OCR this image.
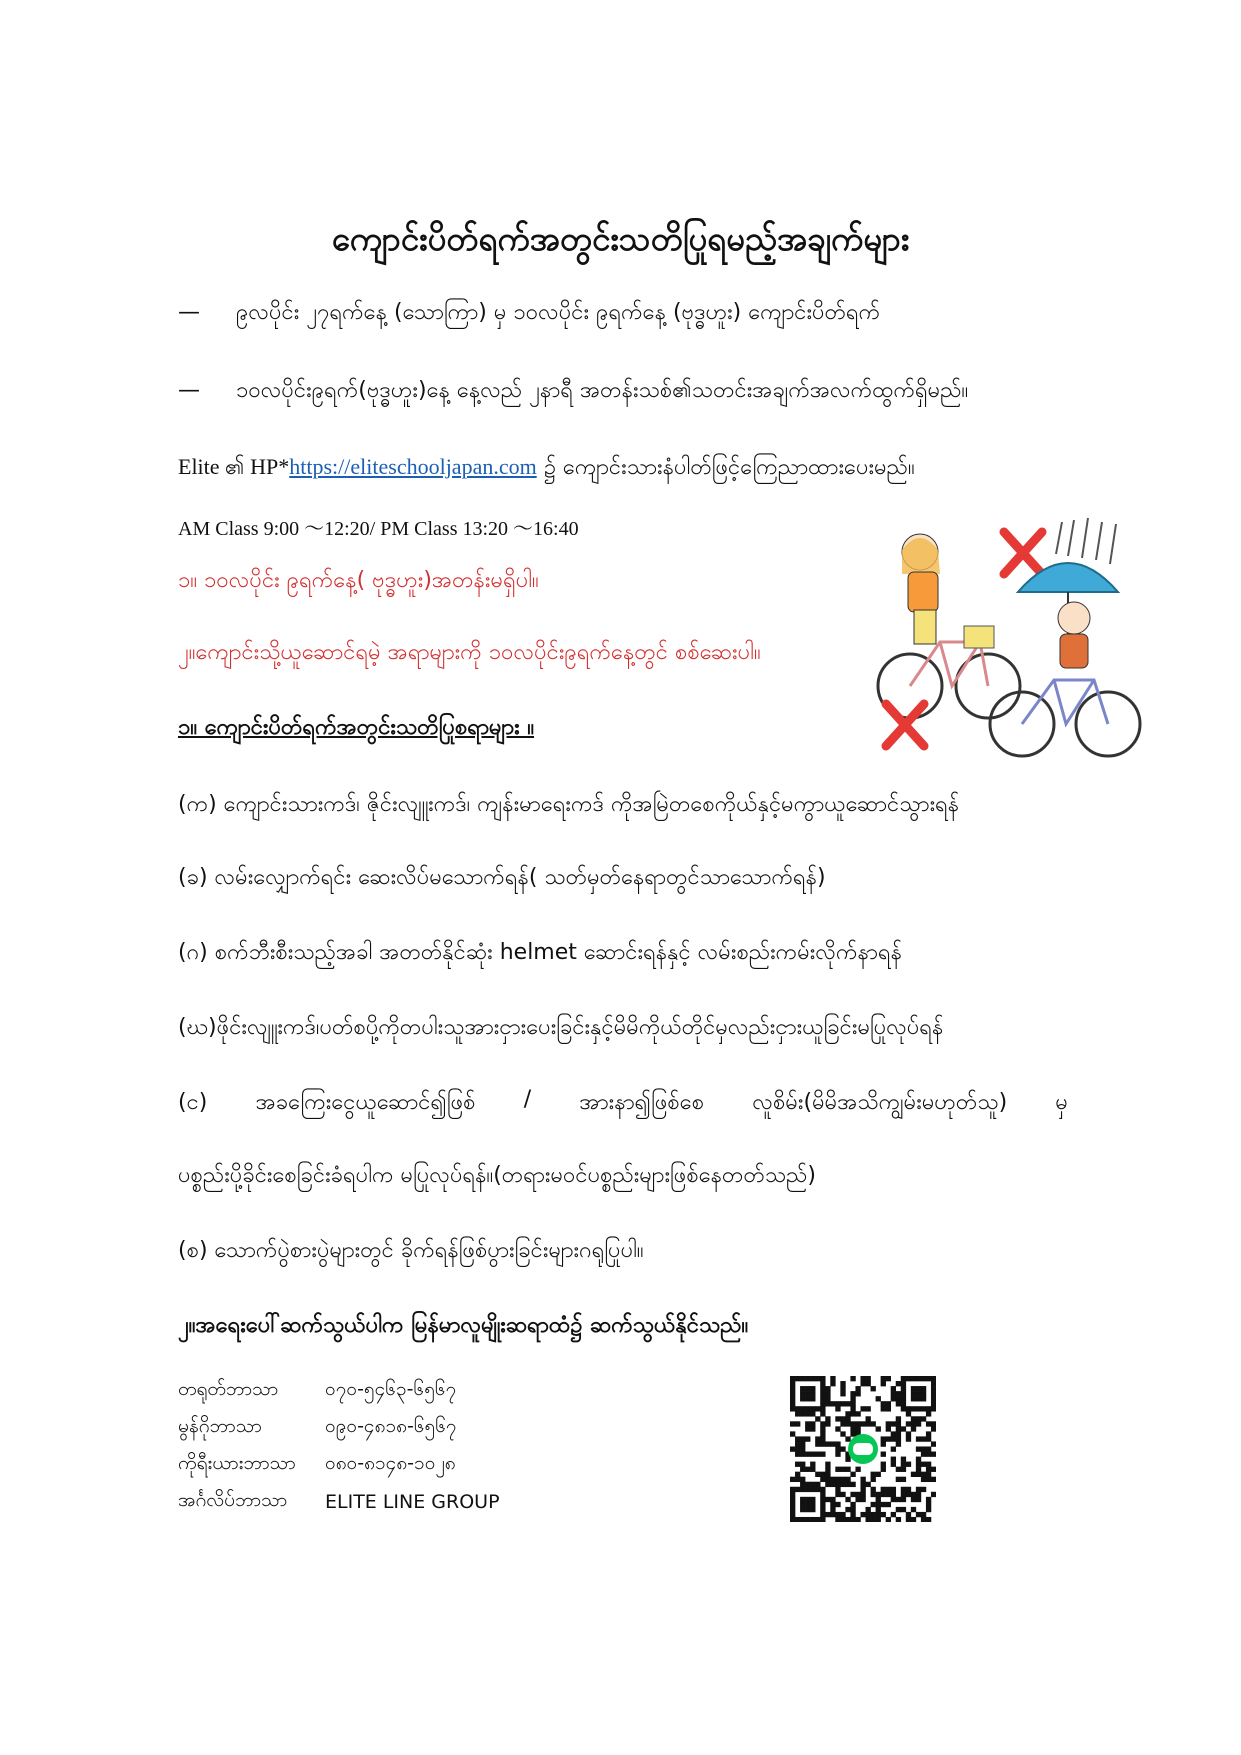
ကျောင်းပိတ်ရက်အတွင်းသတိပြုရမည့်အချက်များ
— ၉လပိုင်း ၂၇ရက်နေ့ (သောကြာ) မှ ၁၀လပိုင်း ၉ရက်နေ့ (ဗုဒ္ဓဟူး) ကျောင်းပိတ်ရက်
— ၁၀လပိုင်း၉ရက်(ဗုဒ္ဓဟူး)နေ့ နေ့လည် ၂နာရီ အတန်းသစ်၏သတင်းအချက်အလက်ထွက်ရှိမည်။
Elite ၏ HP*https://eliteschooljapan.com ၌ ကျောင်းသားနံပါတ်ဖြင့်ကြေညာထားပေးမည်။
AM Class 9:00 ～12:20/ PM Class 13:20 ～16:40
၁။ ၁၀လပိုင်း ၉ရက်နေ့( ဗုဒ္ဓဟူး)အတန်းမရှိပါ။
၂။ကျောင်းသို့ယူဆောင်ရမဲ့ အရာများကို ၁၀လပိုင်း၉ရက်နေ့တွင် စစ်ဆေးပါ။
၁။ ကျောင်းပိတ်ရက်အတွင်းသတိပြုစရာများ ။
(က) ကျောင်းသားကဒ်၊ ဇိုင်းလျူးကဒ်၊ ကျန်းမာရေးကဒ် ကိုအမြဲတစေကိုယ်နှင့်မကွာယူဆောင်သွားရန်
(ခ) လမ်းလျှောက်ရင်း ဆေးလိပ်မသောက်ရန်( သတ်မှတ်နေရာတွင်သာသောက်ရန်)
(ဂ) စက်ဘီးစီးသည့်အခါ အတတ်နိုင်ဆုံး helmet ဆောင်းရန်နှင့် လမ်းစည်းကမ်းလိုက်နာရန်
(ဃ)ဖိုင်းလျူးကဒ်၊ပတ်စပို့ကိုတပါးသူအားငှားပေးခြင်းနှင့်မိမိကိုယ်တိုင်မှလည်းငှားယူခြင်းမပြုလုပ်ရန်
(င) အခကြေးငွေယူဆောင်၍ဖြစ် / အားနာ၍ဖြစ်စေ လူစိမ်း(မိမိအသိကျွမ်းမဟုတ်သူ) မှ
ပစ္စည်းပို့ခိုင်းစေခြင်းခံရပါက မပြုလုပ်ရန်။(တရားမဝင်ပစ္စည်းများဖြစ်နေတတ်သည်)
(စ) သောက်ပွဲစားပွဲများတွင် ခိုက်ရန်ဖြစ်ပွားခြင်းများဂရုပြုပါ။
၂။အရေးပေါ်ဆက်သွယ်ပါက မြန်မာလူမျိုးဆရာထံ၌ ဆက်သွယ်နိုင်သည်။
တရုတ်ဘာသာ	၀၇၀-၅၄၆၃-၆၅၆၇
မွန်ဂိုဘာသာ	၀၉၀-၄၈၁၈-၆၅၆၇
ကိုရီးယားဘာသာ	၀၈၀-၈၁၄၈-၁၀၂၈
အင်္ဂလိပ်ဘာသာ	ELITE LINE GROUP
